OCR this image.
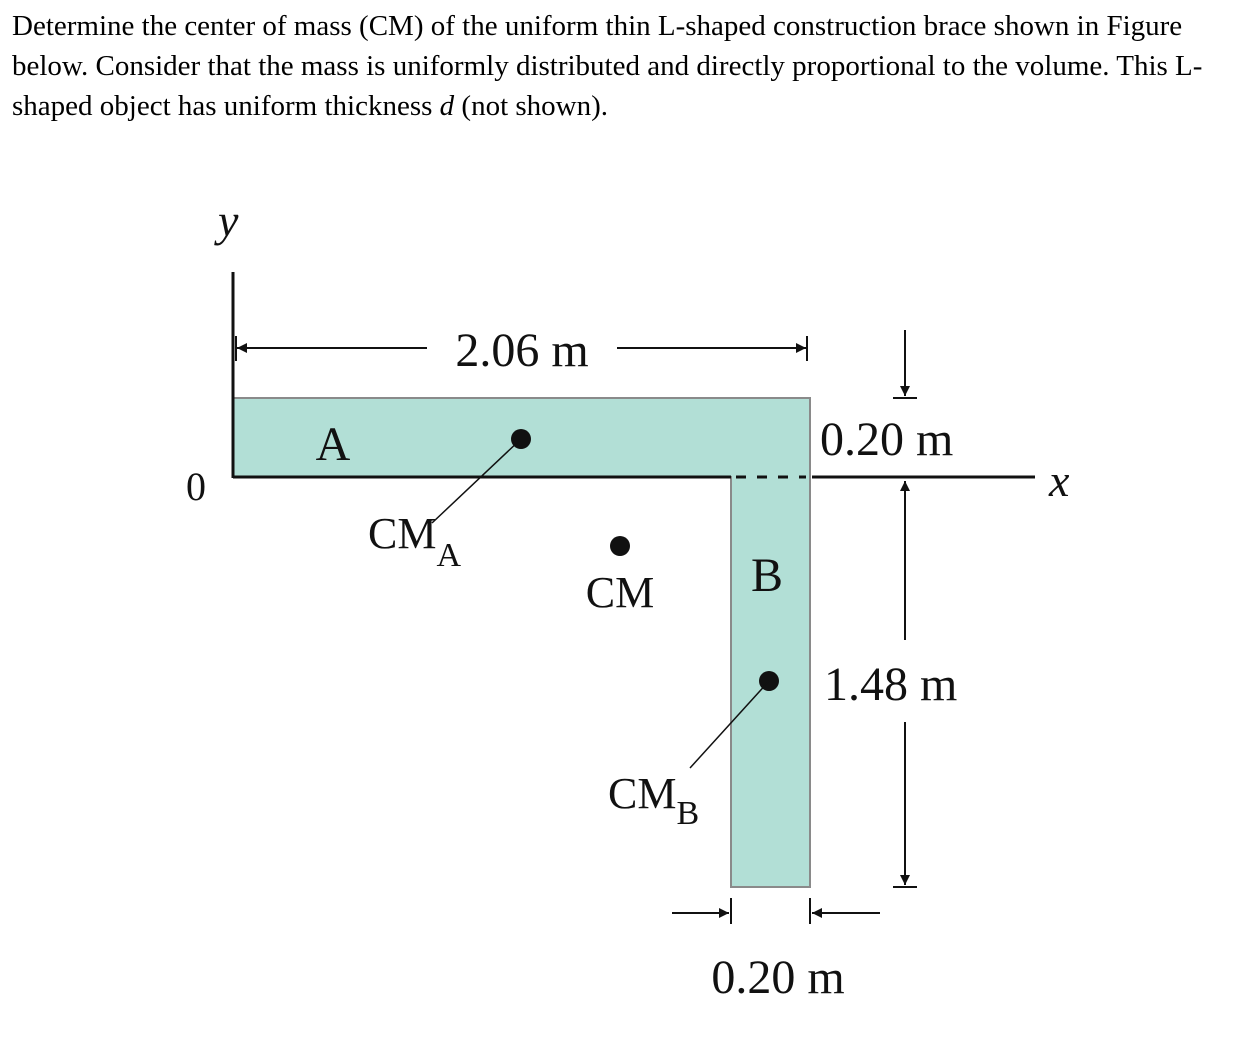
Determine the center of mass (CM) of the uniform thin L-shaped construction brace shown in Figure below. Consider that the mass is uniformly distributed and directly proportional to the volume. This L-shaped object has uniform thickness d (not shown).
y
x
0
2.06 m
A
B
$CM_A$
CM
$CM_B$
0.20 m
1.48 m
0.20 m
